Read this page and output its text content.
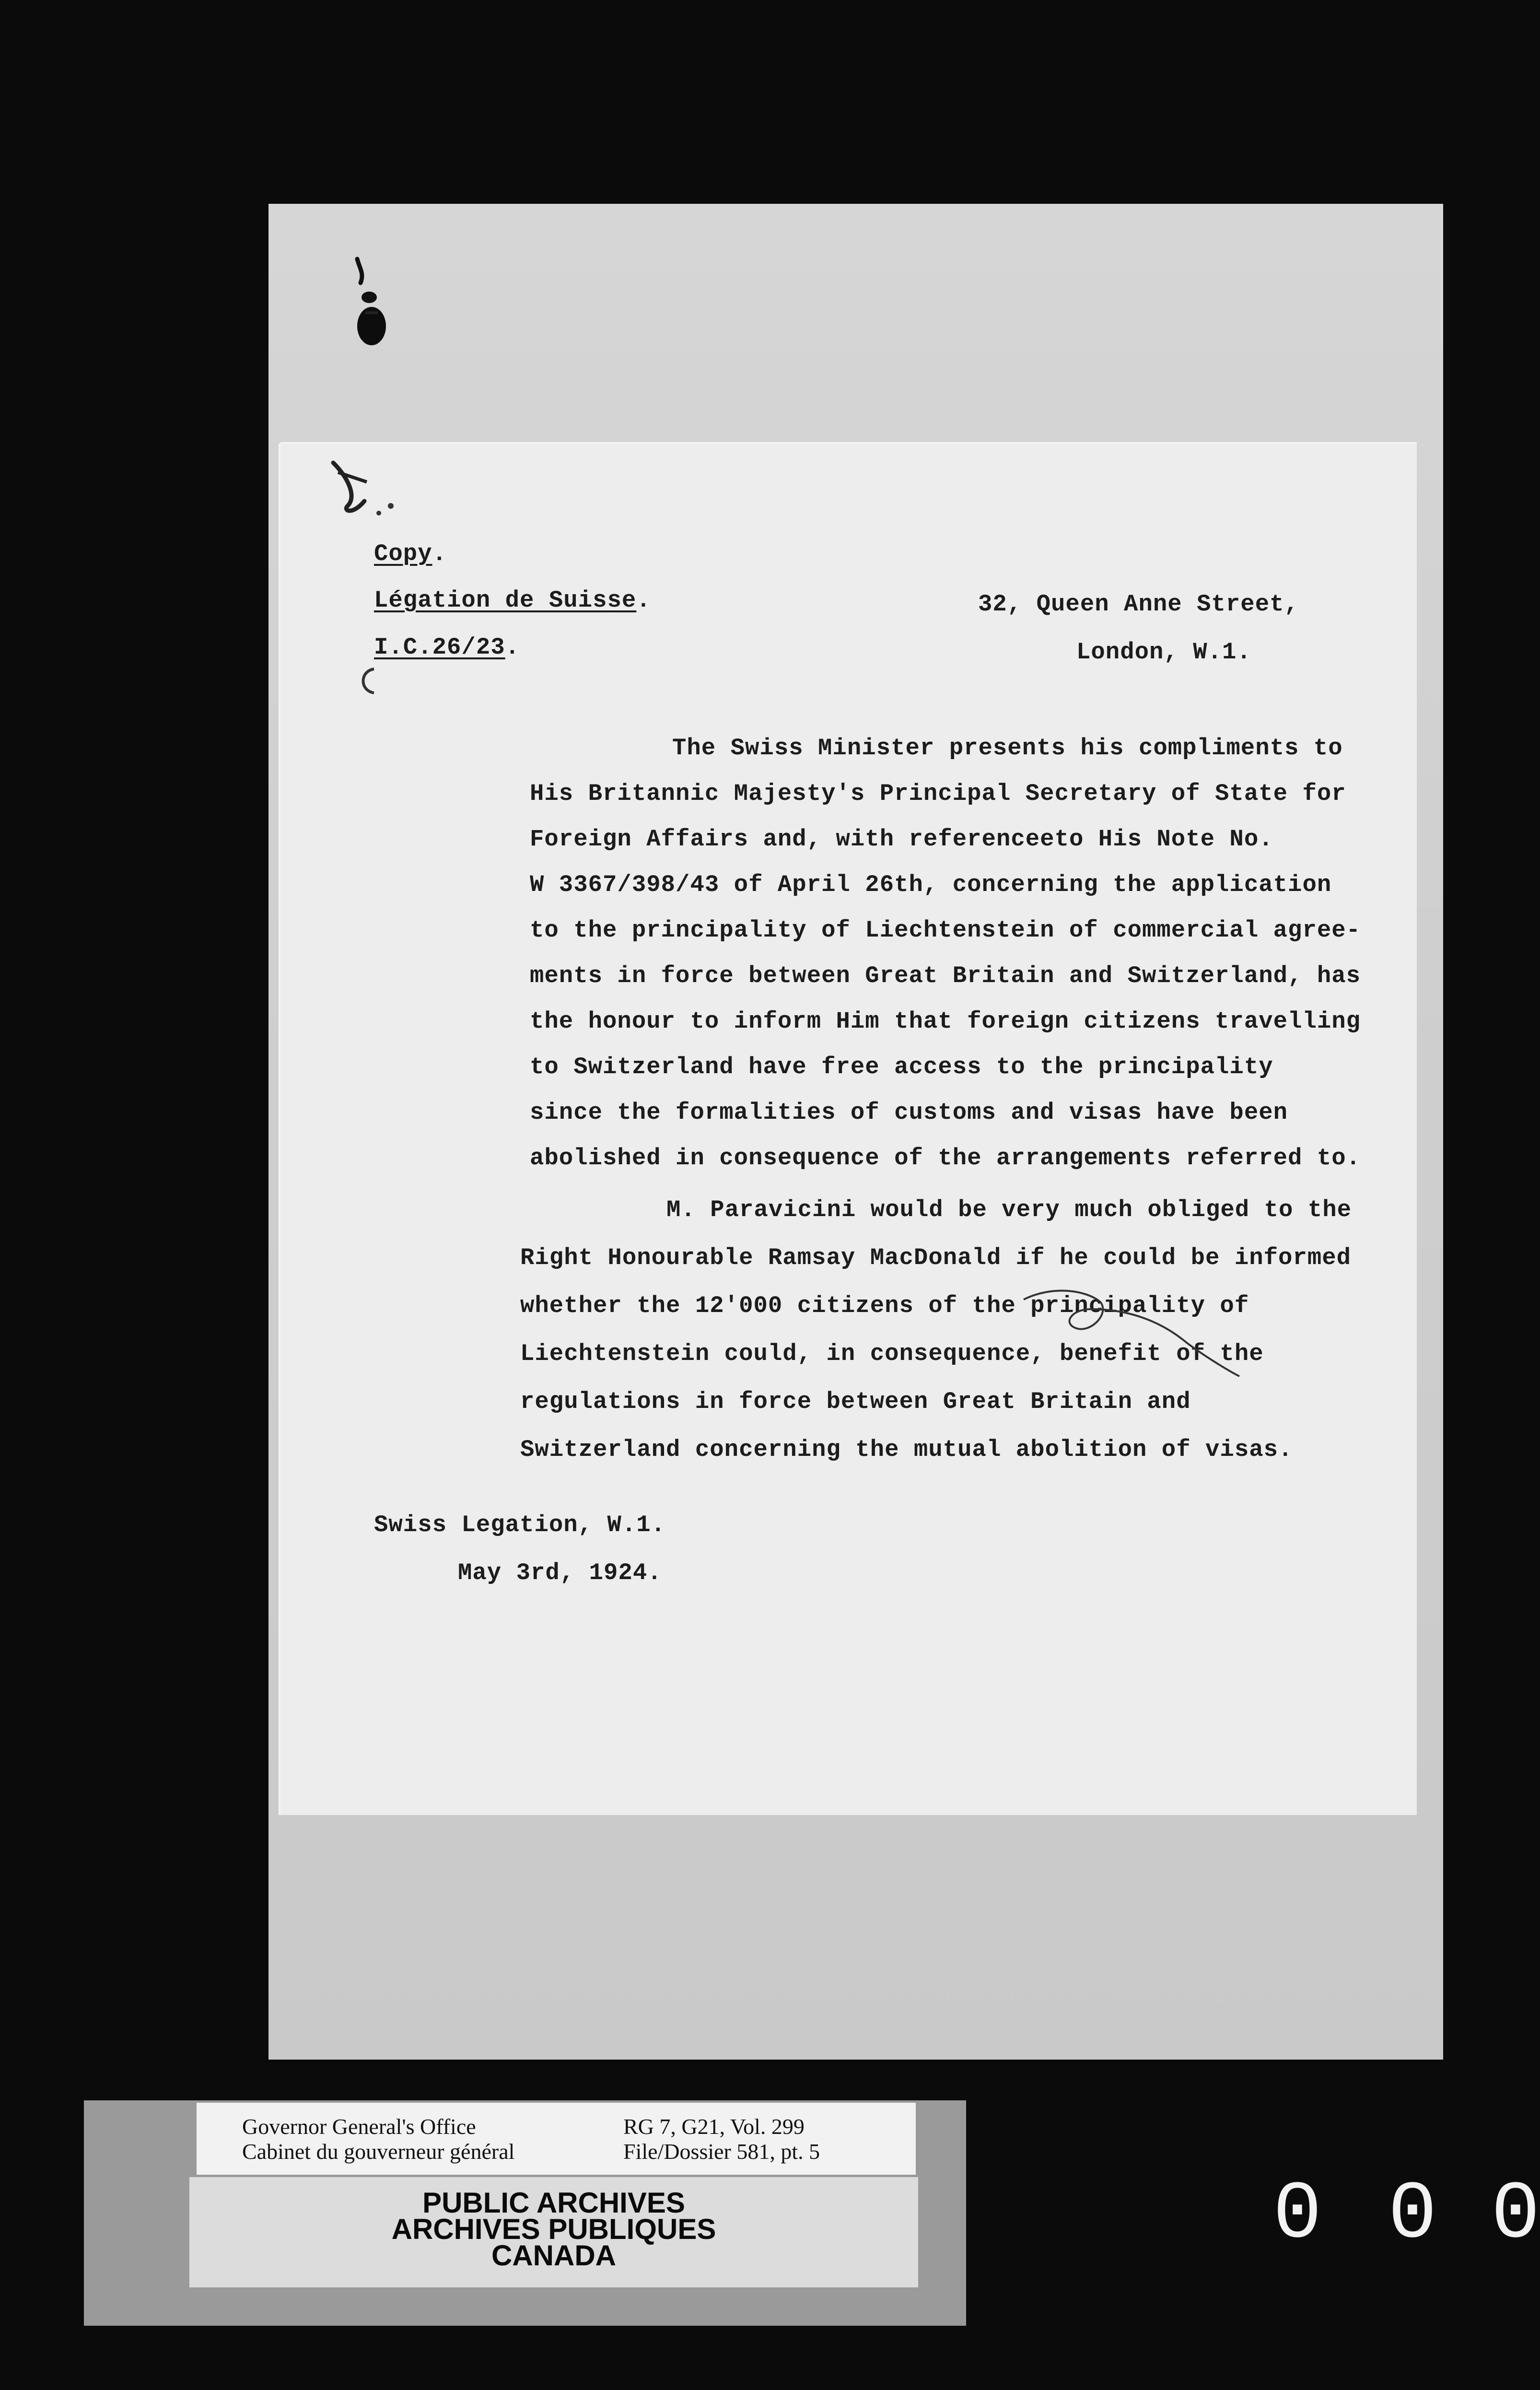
Copy.
Légation de Suisse.
I.C.26/23.
32, Queen Anne Street,
London, W.1.
The Swiss Minister presents his compliments to
His Britannic Majesty's Principal Secretary of State for
Foreign Affairs and, with referenceeto His Note No.
W 3367/398/43 of April 26th, concerning the application
to the principality of Liechtenstein of commercial agree-
ments in force between Great Britain and Switzerland, has
the honour to inform Him that foreign citizens travelling
to Switzerland have free access to the principality
since the formalities of customs and visas have been
abolished in consequence of the arrangements referred to.
M. Paravicini would be very much obliged to the
Right Honourable Ramsay MacDonald if he could be informed
whether the 12'000 citizens of the principality of
Liechtenstein could, in consequence, benefit of the
regulations in force between Great Britain and
Switzerland concerning the mutual abolition of visas.
Swiss Legation, W.1.
May 3rd, 1924.
Governor General's Office
Cabinet du gouverneur général
RG 7, G21, Vol. 299
File/Dossier 581, pt. 5
PUBLIC ARCHIVES
ARCHIVES PUBLIQUES
CANADA	0 0 0
